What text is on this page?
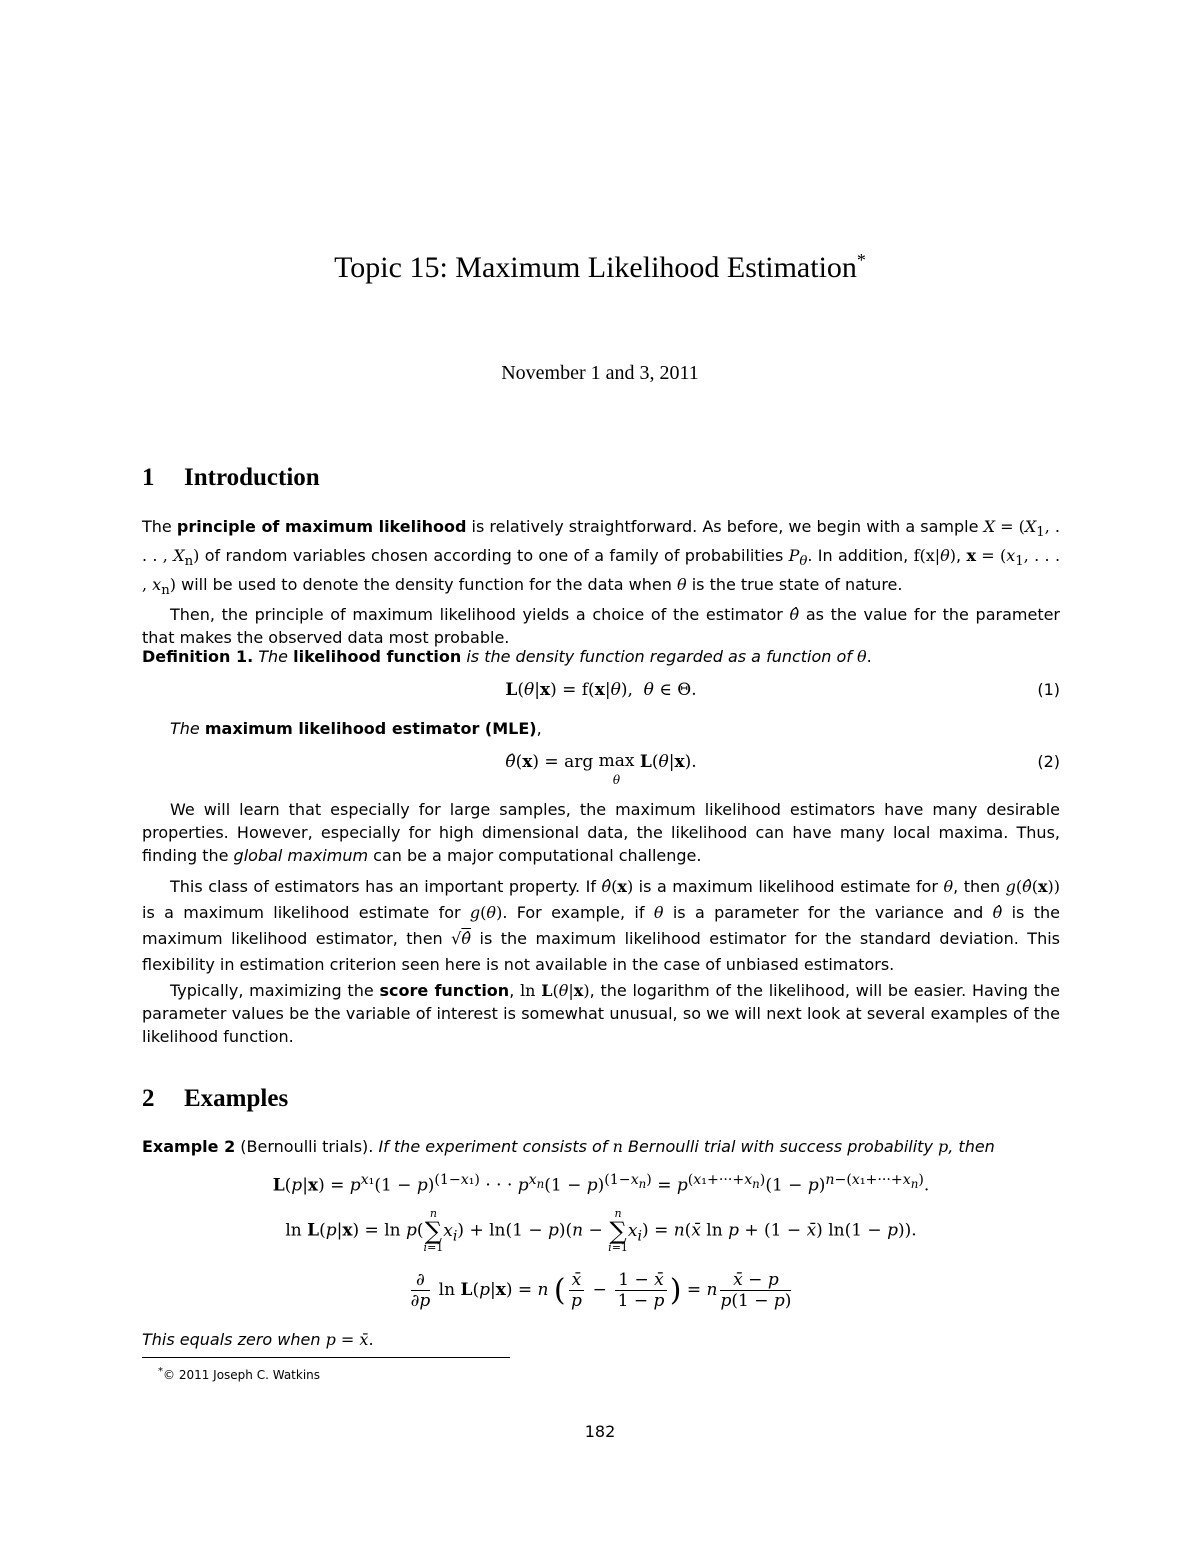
Topic 15: Maximum Likelihood Estimation*
November 1 and 3, 2011
1 Introduction

The principle of maximum likelihood is relatively straightforward. As before, we begin with a sample $X = (X_1$, . . . , $X_n$) of random variables chosen according to one of a family of probabilities $P_\theta$. In addition, f(x|θ), $x = (x_1$, . . . , $x_n$) will be used to denote the density function for the data when θ is the true state of nature.

Then, the principle of maximum likelihood yields a choice of the estimator θ̂ as the value for the parameter that makes the observed data most probable.

Definition 1. The likelihood function is the density function regarded as a function of θ.

L(θ|x) = f(x|θ),  θ ∈ Θ.	(1)

The maximum likelihood estimator (MLE),

θ̂(x) = arg max
θ L(θ|x).	(2)

We will learn that especially for large samples, the maximum likelihood estimators have many desirable properties. However, especially for high dimensional data, the likelihood can have many local maxima. Thus, finding the global maximum can be a major computational challenge.

This class of estimators has an important property. If θ̂(x) is a maximum likelihood estimate for θ, then g(θ̂(x)) is a maximum likelihood estimate for g(θ). For example, if θ is a parameter for the variance and θ̂ is the maximum likelihood estimator, then √θ̂ is the maximum likelihood estimator for the standard deviation. This flexibility in estimation criterion seen here is not available in the case of unbiased estimators.

Typically, maximizing the score function, ln L(θ|x), the logarithm of the likelihood, will be easier. Having the parameter values be the variable of interest is somewhat unusual, so we will next look at several examples of the likelihood function.

2 Examples

Example 2 (Bernoulli trials). If the experiment consists of n Bernoulli trial with success probability p, then

$L(p|x) = p^{x_1}(1 - p)^{(1-x_1)}$ · · · $p^{x_n}(1 - p)^{(1-x_n)} = p^{(x_1+\cdot\cdot\cdot+x_n)}(1 - p)^{n-(x_1+\cdot\cdot\cdot+x_n)}$.
ln L(p|x) = ln p(n
∑
$i=1x_i) + \ln(1 - p)(n - n$
∑
$i=1x_i$) = n(x̄ ln p + (1 − x̄) ln(1 − p)).
$\frac{\partial}{\partial p}$ ln L(p|x) = n ( $\frac{x̄}{p} - \frac{1 - x̄}{1 - p}$ ) = n $\frac{x̄ - p}{p(1 - p)}$

This equals zero when p = x̄.

*© 2011 Joseph C. Watkins
182
